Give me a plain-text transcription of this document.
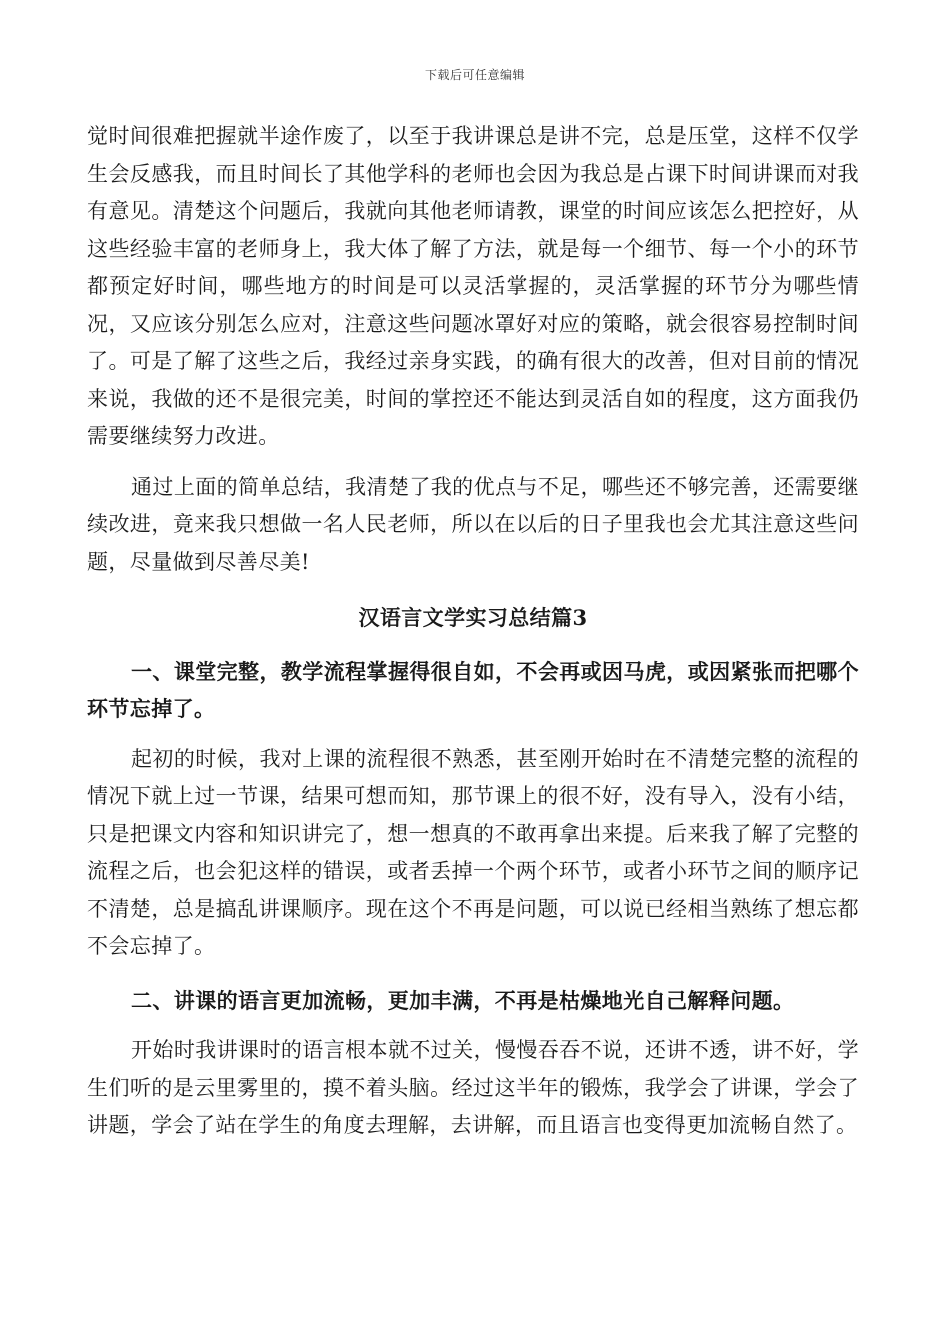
下载后可任意编辑

觉时间很难把握就半途作废了，以至于我讲课总是讲不完，总是压堂，这样不仅学生会反感我，而且时间长了其他学科的老师也会因为我总是占课下时间讲课而对我有意见。清楚这个问题后，我就向其他老师请教，课堂的时间应该怎么把控好，从这些经验丰富的老师身上，我大体了解了方法，就是每一个细节、每一个小的环节都预定好时间，哪些地方的时间是可以灵活掌握的，灵活掌握的环节分为哪些情况，又应该分别怎么应对，注意这些问题冰罩好对应的策略，就会很容易控制时间了。可是了解了这些之后，我经过亲身实践，的确有很大的改善，但对目前的情况来说，我做的还不是很完美，时间的掌控还不能达到灵活自如的程度，这方面我仍需要继续努力改进。

通过上面的简单总结，我清楚了我的优点与不足，哪些还不够完善，还需要继续改进，竟来我只想做一名人民老师，所以在以后的日子里我也会尤其注意这些问题，尽量做到尽善尽美!

汉语言文学实习总结篇3

一、课堂完整，教学流程掌握得很自如，不会再或因马虎，或因紧张而把哪个环节忘掉了。

起初的时候，我对上课的流程很不熟悉，甚至刚开始时在不清楚完整的流程的情况下就上过一节课，结果可想而知，那节课上的很不好，没有导入，没有小结，只是把课文内容和知识讲完了，想一想真的不敢再拿出来提。后来我了解了完整的流程之后，也会犯这样的错误，或者丢掉一个两个环节，或者小环节之间的顺序记不清楚，总是搞乱讲课顺序。现在这个不再是问题，可以说已经相当熟练了想忘都不会忘掉了。

二、讲课的语言更加流畅，更加丰满，不再是枯燥地光自己解释问题。

开始时我讲课时的语言根本就不过关，慢慢吞吞不说，还讲不透，讲不好，学生们听的是云里雾里的，摸不着头脑。经过这半年的锻炼，我学会了讲课，学会了讲题，学会了站在学生的角度去理解，去讲解，而且语言也变得更加流畅自然了。
